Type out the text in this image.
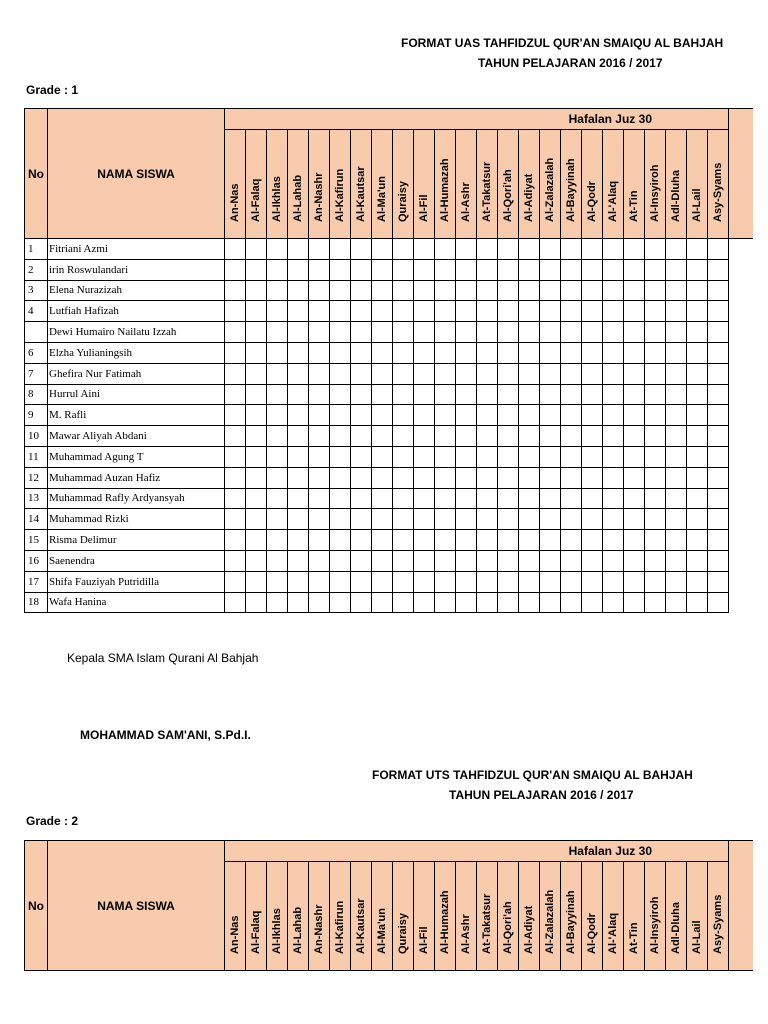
FORMAT UAS TAHFIDZUL QUR'AN SMAIQU AL BAHJAH
TAHUN PELAJARAN 2016 / 2017
Grade : 1
No	NAMA SISWA	Hafalan Juz 30																								

		An-Nas	Al-Falaq	Al-Ikhlas	Al-Lahab	An-Nashr	Al-Kafirun	Al-Kautsar	Al-Ma'un	Quraisy	Al-Fil	Al-Humazah	Al-Ashr	At-Takatsur	Al-Qori'ah	Al-Adiyat	Al-Zalazalah	Al-Bayyinah	Al-Qodr	Al-'Alaq	At-Tin	Al-Insyiroh	Adl-Dluha	Al-Lail	Asy-Syams	

1	Fitriani Azmi																									
2	irin Roswulandari																									
3	Elena Nurazizah																									
4	Lutfiah Hafizah																									
	Dewi Humairo Nailatu Izzah																									
6	Elzha Yulianingsih																									
7	Ghefira Nur Fatimah																									
8	Hurrul Aini																									
9	M. Rafli																									
10	Mawar Aliyah Abdani																									
11	Muhammad Agung T																									
12	Muhammad Auzan Hafiz																									
13	Muhammad Rafly Ardyansyah																									
14	Muhammad Rizki																									
15	Risma Delimur																									
16	Saenendra																									
17	Shifa Fauziyah Putridilla																									
18	Wafa Hanina																									
Kepala SMA Islam Qurani Al Bahjah
MOHAMMAD SAM'ANI, S.Pd.I.
FORMAT UTS TAHFIDZUL QUR'AN SMAIQU AL BAHJAH
TAHUN PELAJARAN 2016 / 2017
Grade : 2
No	NAMA SISWA	Hafalan Juz 30																								

		An-Nas	Al-Falaq	Al-Ikhlas	Al-Lahab	An-Nashr	Al-Kafirun	Al-Kautsar	Al-Ma'un	Quraisy	Al-Fil	Al-Humazah	Al-Ashr	At-Takatsur	Al-Qori'ah	Al-Adiyat	Al-Zalazalah	Al-Bayyinah	Al-Qodr	Al-'Alaq	At-Tin	Al-Insyiroh	Adl-Dluha	Al-Lail	Asy-Syams	
